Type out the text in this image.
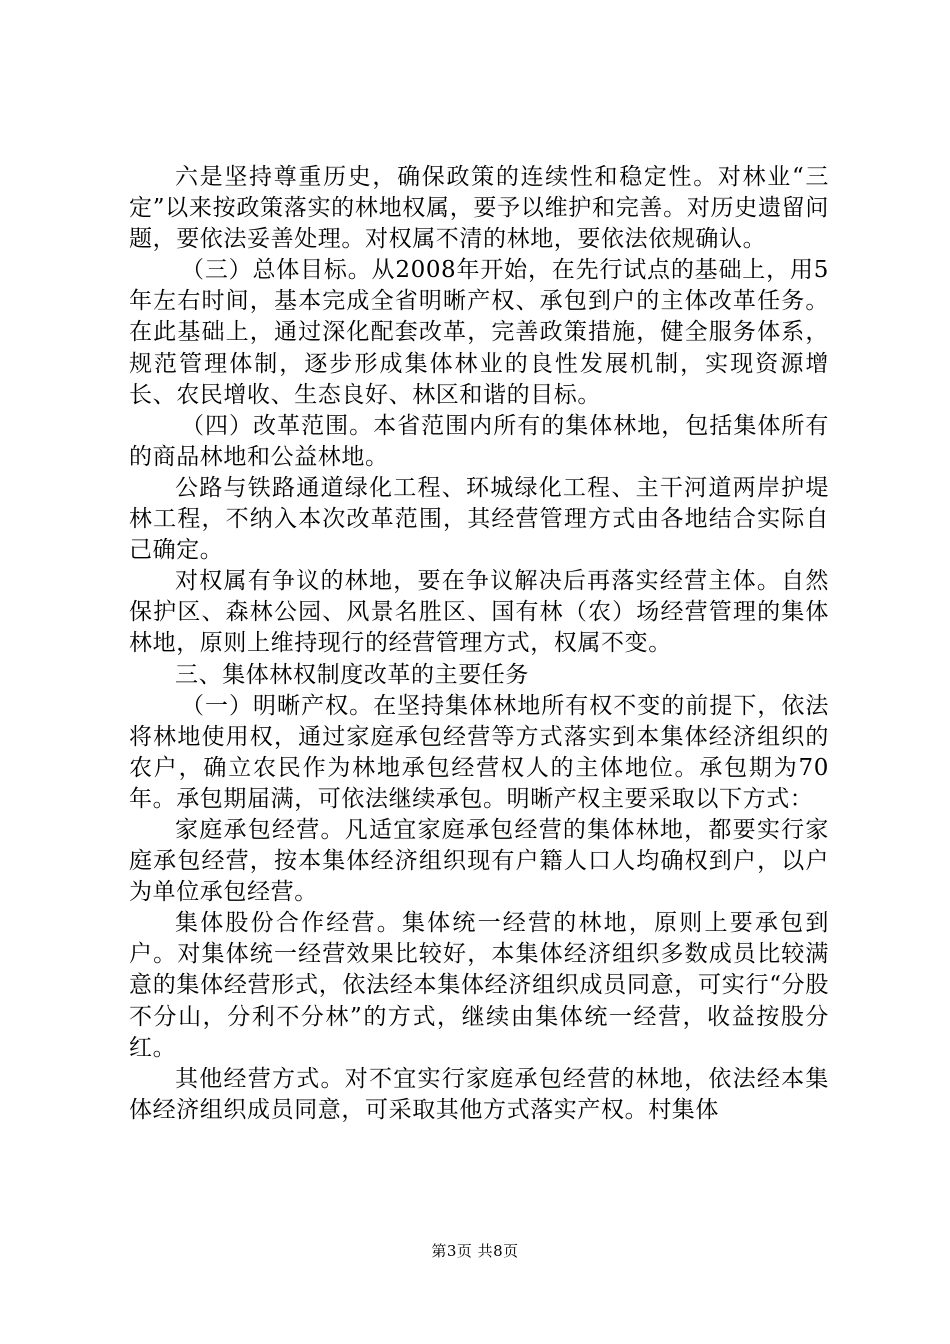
六是坚持尊重历史，确保政策的连续性和稳定性。对林业“三定”以来按政策落实的林地权属，要予以维护和完善。对历史遗留问题，要依法妥善处理。对权属不清的林地，要依法依规确认。

（三）总体目标。从2008年开始，在先行试点的基础上，用5年左右时间，基本完成全省明晰产权、承包到户的主体改革任务。在此基础上，通过深化配套改革，完善政策措施，健全服务体系，规范管理体制，逐步形成集体林业的良性发展机制，实现资源增长、农民增收、生态良好、林区和谐的目标。

（四）改革范围。本省范围内所有的集体林地，包括集体所有的商品林地和公益林地。

公路与铁路通道绿化工程、环城绿化工程、主干河道两岸护堤林工程，不纳入本次改革范围，其经营管理方式由各地结合实际自己确定。

对权属有争议的林地，要在争议解决后再落实经营主体。自然保护区、森林公园、风景名胜区、国有林（农）场经营管理的集体林地，原则上维持现行的经营管理方式，权属不变。

三、集体林权制度改革的主要任务

（一）明晰产权。在坚持集体林地所有权不变的前提下，依法将林地使用权，通过家庭承包经营等方式落实到本集体经济组织的农户，确立农民作为林地承包经营权人的主体地位。承包期为70年。承包期届满，可依法继续承包。明晰产权主要采取以下方式：

家庭承包经营。凡适宜家庭承包经营的集体林地，都要实行家庭承包经营，按本集体经济组织现有户籍人口人均确权到户，以户为单位承包经营。

集体股份合作经营。集体统一经营的林地，原则上要承包到户。对集体统一经营效果比较好，本集体经济组织多数成员比较满意的集体经营形式，依法经本集体经济组织成员同意，可实行“分股不分山，分利不分林”的方式，继续由集体统一经营，收益按股分红。

其他经营方式。对不宜实行家庭承包经营的林地，依法经本集体经济组织成员同意，可采取其他方式落实产权。村集体

第3页 共8页
